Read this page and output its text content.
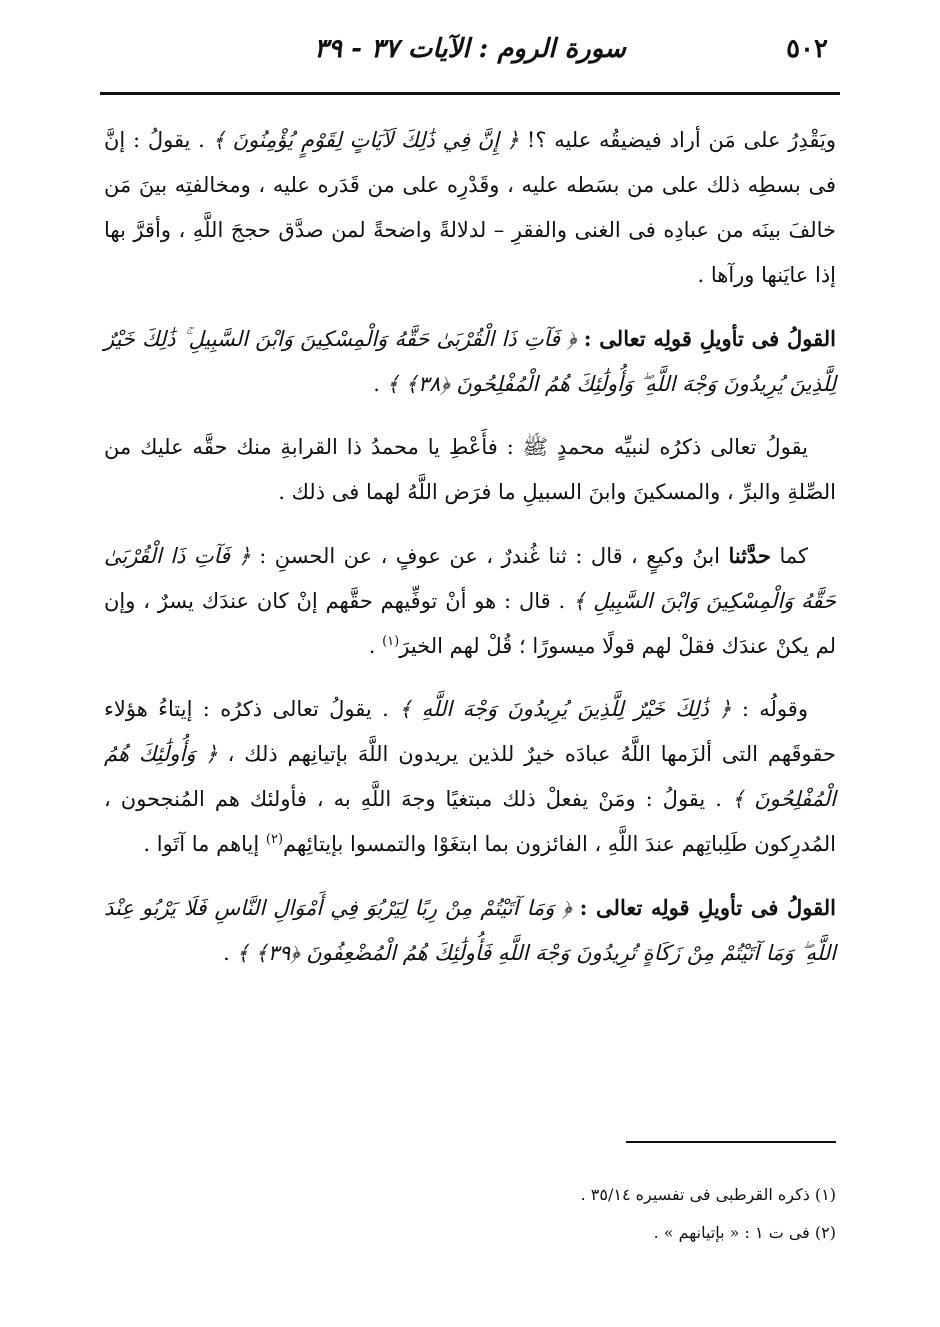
٥٠٢
سورة الروم : الآيات ٣٧ - ٣٩

ويَقْدِرُ على مَن أراد فيضيقُه عليه ؟! ﴿ إِنَّ فِي ذَٰلِكَ لَآيَاتٍ لِقَوْمٍ يُؤْمِنُونَ ﴾ . يقولُ : إنَّ فى بسطِه ذلك على من بسَطه عليه ، وقَدْرِه على من قَدَره عليه ، ومخالفتِه بينَ مَن خالفَ بينَه من عبادِه فى الغنى والفقرِ – لدلالةً واضحةً لمن صدَّق حججَ اللَّهِ ، وأقرَّ بها إذا عايَنها ورآها .

القولُ فى تأويلِ قولِه تعالى : ﴿ فَآتِ ذَا الْقُرْبَىٰ حَقَّهُ وَالْمِسْكِينَ وَابْنَ السَّبِيلِ ۚ ذَٰلِكَ خَيْرٌ لِلَّذِينَ يُرِيدُونَ وَجْهَ اللَّهِ ۖ وَأُولَٰئِكَ هُمُ الْمُفْلِحُونَ ﴿٣٨﴾ ﴾ .

يقولُ تعالى ذكرُه لنبيِّه محمدٍ ﷺ : فأَعْطِ يا محمدُ ذا القرابةِ منك حقَّه عليك من الصِّلةِ والبرِّ ، والمسكينَ وابنَ السبيلِ ما فرَض اللَّهُ لهما فى ذلك .

كما حدَّثنا ابنُ وكيعٍ ، قال : ثنا غُندرٌ ، عن عوفٍ ، عن الحسنِ : ﴿ فَآتِ ذَا الْقُرْبَىٰ حَقَّهُ وَالْمِسْكِينَ وَابْنَ السَّبِيلِ ﴾ . قال : هو أنْ توفِّيهم حقَّهم إنْ كان عندَك يسرٌ ، وإن لم يكنْ عندَك فقلْ لهم قولًا ميسورًا ؛ قُلْ لهم الخيرَ$^{(١)}$ .

وقولُه : ﴿ ذَٰلِكَ خَيْرٌ لِلَّذِينَ يُرِيدُونَ وَجْهَ اللَّهِ ﴾ . يقولُ تعالى ذكرُه : إيتاءُ هؤلاء حقوقَهم التى ألزَمها اللَّهُ عبادَه خيرٌ للذين يريدون اللَّهَ بإتيانِهم ذلك ، ﴿ وَأُولَٰئِكَ هُمُ الْمُفْلِحُونَ ﴾ . يقولُ : ومَنْ يفعلْ ذلك مبتغيًا وجهَ اللَّهِ به ، فأولئك هم المُنجحون ، المُدرِكون طَلِباتِهم عندَ اللَّهِ ، الفائزون بما ابتغَوْا والتمسوا بإيتائِهم$^{(٢)}$ إياهم ما آتَوا .

القولُ فى تأويلِ قولِه تعالى : ﴿ وَمَا آتَيْتُمْ مِنْ رِبًا لِيَرْبُوَ فِي أَمْوَالِ النَّاسِ فَلَا يَرْبُو عِنْدَ اللَّهِ ۖ وَمَا آتَيْتُمْ مِنْ زَكَاةٍ تُرِيدُونَ وَجْهَ اللَّهِ فَأُولَٰئِكَ هُمُ الْمُضْعِفُونَ ﴿٣٩﴾ ﴾ .

(١) ذكره القرطبى فى تفسيره ٣٥/١٤ .

(٢) فى ت ١ : « بإتيانهم » .
